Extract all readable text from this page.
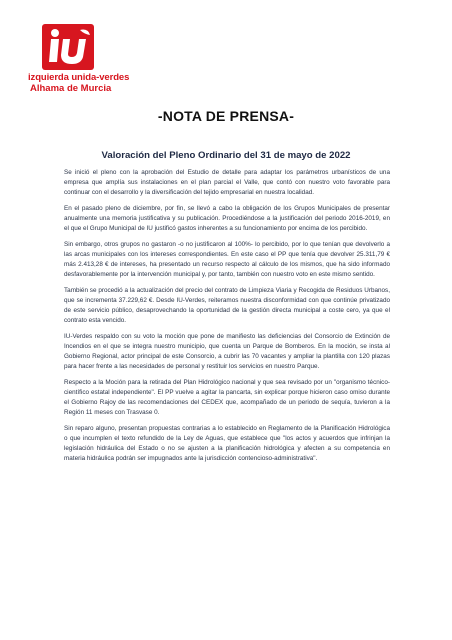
izquierda unida-verdes
Alhama de Murcia
-NOTA DE PRENSA-
Valoración del Pleno Ordinario del 31 de mayo de 2022

Se inició el pleno con la aprobación del Estudio de detalle para adaptar los parámetros urbanísticos de una empresa que amplía sus instalaciones en el plan parcial el Valle, que contó con nuestro voto favorable para continuar con el desarrollo y la diversificación del tejido empresarial en nuestra localidad.

En el pasado pleno de diciembre, por fin, se llevó a cabo la obligación de los Grupos Municipales de presentar anualmente una memoria justificativa y su publicación. Procediéndose a la justificación del periodo 2016-2019, en el que el Grupo Municipal de IU justificó gastos inherentes a su funcionamiento por encima de los percibido.

Sin embargo, otros grupos no gastaron -o no justificaron al 100%- lo percibido, por lo que tenían que devolverlo a las arcas municipales con los intereses correspondientes. En este caso el PP que tenía que devolver 25.311,79 € más 2.413,28 € de intereses, ha presentado un recurso respecto al cálculo de los mismos, que ha sido informado desfavorablemente por la intervención municipal y, por tanto, también con nuestro voto en este mismo sentido.

También se procedió a la actualización del precio del contrato de Limpieza Viaria y Recogida de Residuos Urbanos, que se incrementa 37.229,62 €. Desde IU-Verdes, reiteramos nuestra disconformidad con que continúe privatizado de este servicio público, desaprovechando la oportunidad de la gestión directa municipal a coste cero, ya que el contrato esta vencido.

IU-Verdes respaldo con su voto la moción que pone de manifiesto las deficiencias del Consorcio de Extinción de Incendios en el que se integra nuestro municipio, que cuenta un Parque de Bomberos. En la moción, se insta al Gobierno Regional, actor principal de este Consorcio, a cubrir las 70 vacantes y ampliar la plantilla con 120 plazas para hacer frente a las necesidades de personal y restituir los servicios en nuestro Parque.

Respecto a la Moción para la retirada del Plan Hidrológico nacional y que sea revisado por un "organismo técnico-científico estatal independiente". El PP vuelve a agitar la pancarta, sin explicar porque hicieron caso omiso durante el Gobierno Rajoy de las recomendaciones del CEDEX que, acompañado de un periodo de sequía, tuvieron a la Región 11 meses con Trasvase 0.

Sin reparo alguno, presentan propuestas contrarias a lo establecido en Reglamento de la Planificación Hidrológica o que incumplen el texto refundido de la Ley de Aguas, que establece que "los actos y acuerdos que infrinjan la legislación hidráulica del Estado o no se ajusten a la planificación hidrológica y afecten a su competencia en materia hidráulica podrán ser impugnados ante la jurisdicción contencioso-administrativa".
